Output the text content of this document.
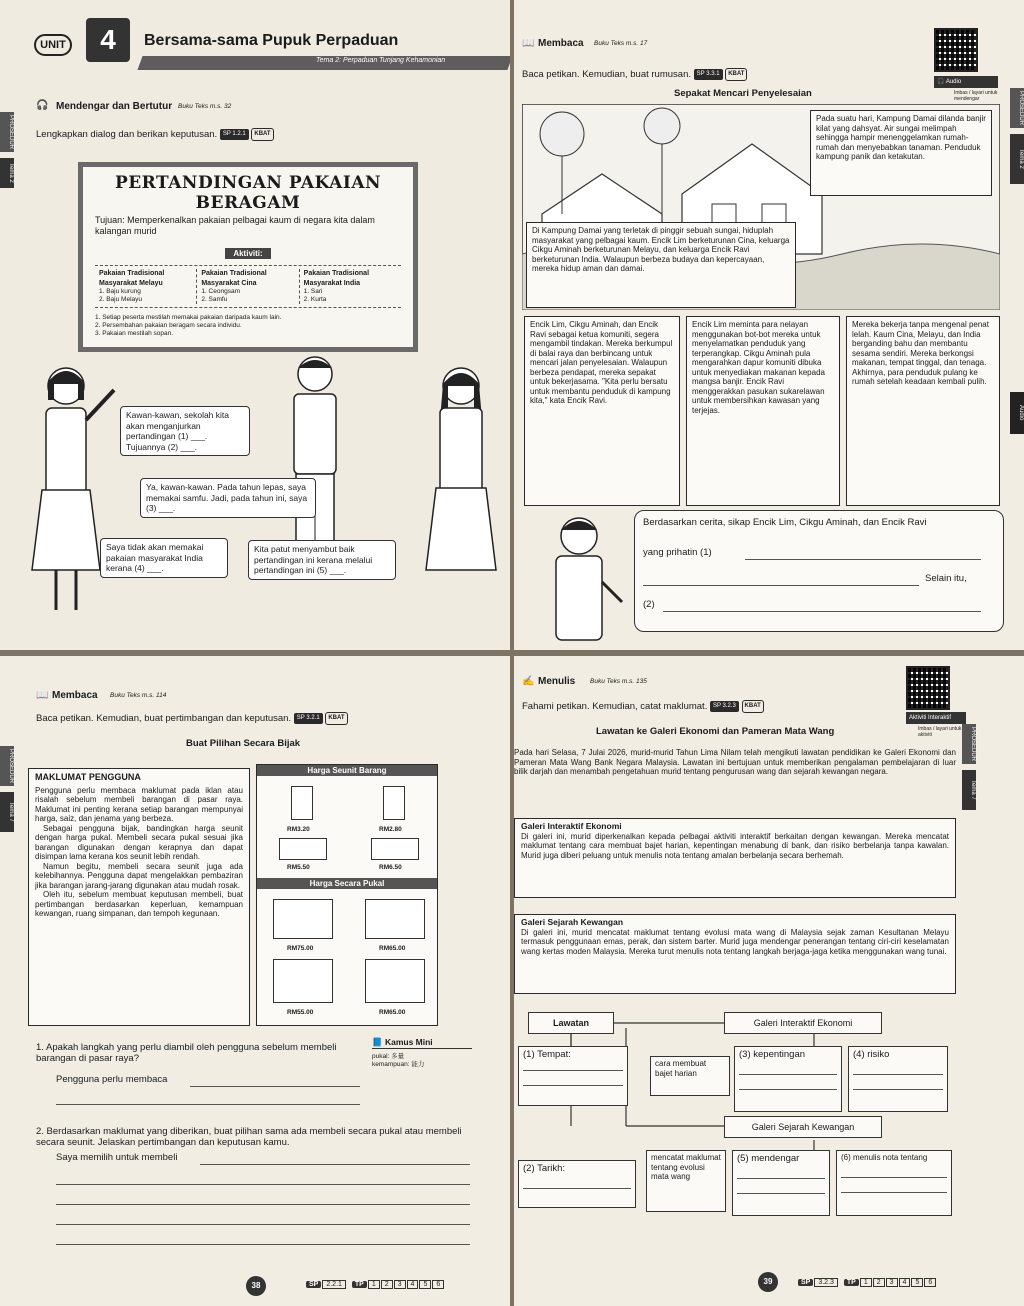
UNIT	4	Bersama-sama Pupuk Perpaduan
Tema 2: Perpaduan Tunjang Kehamonian
PROSEDUR
Tema 2
🎧 Mendengar dan Bertutur Buku Teks m.s. 32
Lengkapkan dialog dan berikan keputusan. SP 1.2.1 KBAT
PERTANDINGAN PAKAIAN BERAGAM
Tujuan: Memperkenalkan pakaian pelbagai kaum di negara kita dalam kalangan murid
Aktiviti:
Pakaian Tradisional Masyarakat Melayu
1. Baju kurung
2. Baju Melayu
Pakaian Tradisional Masyarakat Cina
1. Ceongsam
2. Samfu
Pakaian Tradisional Masyarakat India
1. Sari
2. Kurta
1. Setiap peserta mestilah memakai pakaian daripada kaum lain.
2. Persembahan pakaian beragam secara individu.
3. Pakaian mestilah sopan.
Kawan-kawan, sekolah kita akan menganjurkan pertandingan (1) ___. Tujuannya (2) ___.
Ya, kawan-kawan. Pada tahun lepas, saya memakai samfu. Jadi, pada tahun ini, saya (3) ___.
Saya tidak akan memakai pakaian masyarakat India kerana (4) ___.
Kita patut menyambut baik pertandingan ini kerana melalui pertandingan ini (5) ___.
📖 Membaca Buku Teks m.s. 17
Baca petikan. Kemudian, buat rumusan. SP 3.3.1 KBAT
🎧 Audio
Imbas / layari untuk mendengar	PROSEDUR
Tema 2
Audio
Sepakat Mencari Penyelesaian
Pada suatu hari, Kampung Damai dilanda banjir kilat yang dahsyat. Air sungai melimpah sehingga hampir menenggelamkan rumah-rumah dan menyebabkan tanaman. Penduduk kampung panik dan ketakutan.
Di Kampung Damai yang terletak di pinggir sebuah sungai, hiduplah masyarakat yang pelbagai kaum. Encik Lim berketurunan Cina, keluarga Cikgu Aminah berketurunan Melayu, dan keluarga Encik Ravi berketurunan India. Walaupun berbeza budaya dan kepercayaan, mereka hidup aman dan damai.
Encik Lim, Cikgu Aminah, dan Encik Ravi sebagai ketua komuniti, segera mengambil tindakan. Mereka berkumpul di balai raya dan berbincang untuk mencari jalan penyelesaian. Walaupun berbeza pendapat, mereka sepakat untuk bekerjasama. "Kita perlu bersatu untuk membantu penduduk di kampung kita," kata Encik Ravi.
Encik Lim meminta para nelayan menggunakan bot-bot mereka untuk menyelamatkan penduduk yang terperangkap. Cikgu Aminah pula mengarahkan dapur komuniti dibuka untuk menyediakan makanan kepada mangsa banjir. Encik Ravi menggerakkan pasukan sukarelawan untuk membersihkan kawasan yang terjejas.
Mereka bekerja tanpa mengenal penat lelah. Kaum Cina, Melayu, dan India berganding bahu dan membantu sesama sendiri. Mereka berkongsi makanan, tempat tinggal, dan tenaga. Akhirnya, para penduduk pulang ke rumah setelah keadaan kembali pulih.
Berdasarkan cerita, sikap Encik Lim, Cikgu Aminah, dan Encik Ravi
yang prihatin (1)
Selain itu,
(2)
📖 Membaca Buku Teks m.s. 114
Baca petikan. Kemudian, buat pertimbangan dan keputusan. SP 3.2.1 KBAT
PROSEDUR
Tema 7
Buat Pilihan Secara Bijak
MAKLUMAT PENGGUNA
Pengguna perlu membaca maklumat pada iklan atau risalah sebelum membeli barangan di pasar raya. Maklumat ini penting kerana setiap barangan mempunyai harga, saiz, dan jenama yang berbeza.
Sebagai pengguna bijak, bandingkan harga seunit dengan harga pukal. Membeli secara pukal sesuai jika barangan digunakan dengan kerapnya dan dapat disimpan lama kerana kos seunit lebih rendah.
Namun begitu, membeli secara seunit juga ada kelebihannya. Pengguna dapat mengelakkan pembaziran jika barangan jarang-jarang digunakan atau mudah rosak.
Oleh itu, sebelum membuat keputusan membeli, buat pertimbangan berdasarkan keperluan, kemampuan kewangan, ruang simpanan, dan tempoh kegunaan.
Harga Seunit Barang
RM3.20	RM2.80
RM5.50	RM6.50
Harga Secara Pukal
RM75.00	RM65.00
RM55.00	RM65.00
1. Apakah langkah yang perlu diambil oleh pengguna sebelum membeli barangan di pasar raya?
Pengguna perlu membaca
📘 Kamus Mini
pukal: 多量
kemampuan: 能力
2. Berdasarkan maklumat yang diberikan, buat pilihan sama ada membeli secara pukal atau membeli secara seunit. Jelaskan pertimbangan dan keputusan kamu.
Saya memilih untuk membeli
38	SP 2.2.1 TP 1 2 3 4 5 6
✍ Menulis Buku Teks m.s. 135
Fahami petikan. Kemudian, catat maklumat. SP 3.2.3 KBAT
Aktiviti Interaktif
Imbas / layari untuk aktiviti	PROSEDUR
Tema 7
Lawatan ke Galeri Ekonomi dan Pameran Mata Wang
Pada hari Selasa, 7 Julai 2026, murid-murid Tahun Lima Nilam telah mengikuti lawatan pendidikan ke Galeri Ekonomi dan Pameran Mata Wang Bank Negara Malaysia. Lawatan ini bertujuan untuk memberikan pengalaman pembelajaran di luar bilik darjah dan menambah pengetahuan murid tentang pengurusan wang dan sejarah kewangan negara.
Galeri Interaktif Ekonomi
Di galeri ini, murid diperkenalkan kepada pelbagai aktiviti interaktif berkaitan dengan kewangan. Mereka mencatat maklumat tentang cara membuat bajet harian, kepentingan menabung di bank, dan risiko berbelanja tanpa kawalan. Murid juga diberi peluang untuk menulis nota tentang amalan berbelanja secara berhemah.
Galeri Sejarah Kewangan
Di galeri ini, murid mencatat maklumat tentang evolusi mata wang di Malaysia sejak zaman Kesultanan Melayu termasuk penggunaan emas, perak, dan sistem barter. Murid juga mendengar penerangan tentang ciri-ciri keselamatan wang kertas moden Malaysia. Mereka turut menulis nota tentang langkah berjaga-jaga ketika menggunakan wang tunai.
Lawatan	Galeri Interaktif Ekonomi
(1) Tempat:
cara membuat bajet harian
(3) kepentingan	(4) risiko
Galeri Sejarah Kewangan
(2) Tarikh:
mencatat maklumat tentang evolusi mata wang
(5) mendengar	(6) menulis nota tentang
39	SP 3.2.3 TP 1 2 3 4 5 6
